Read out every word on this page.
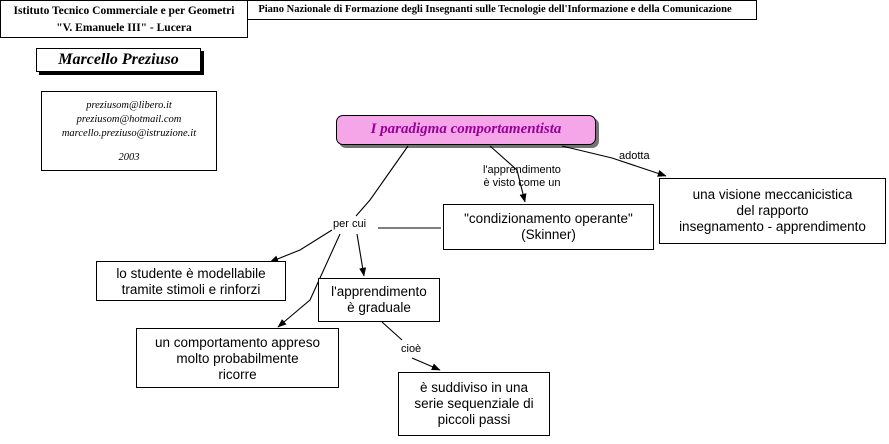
Istituto Tecnico Commerciale e per Geometri
"V. Emanuele III" - Lucera
Piano Nazionale di Formazione degli Insegnanti sulle Tecnologie dell'Informazione e della Comunicazione
Marcello Preziuso
preziusom@libero.it
preziusom@hotmail.com
marcello.preziuso@istruzione.it
2003
I paradigma comportamentista
"condizionamento operante"
(Skinner)
una visione meccanicistica
del rapporto
insegnamento - apprendimento
lo studente è modellabile
tramite stimoli e rinforzi	l'apprendimento
è graduale
un comportamento appreso
molto probabilmente
ricorre
è suddiviso in una
serie sequenziale di
piccoli passi
l'apprendimento
è visto come un
adotta
per cui
cioè
